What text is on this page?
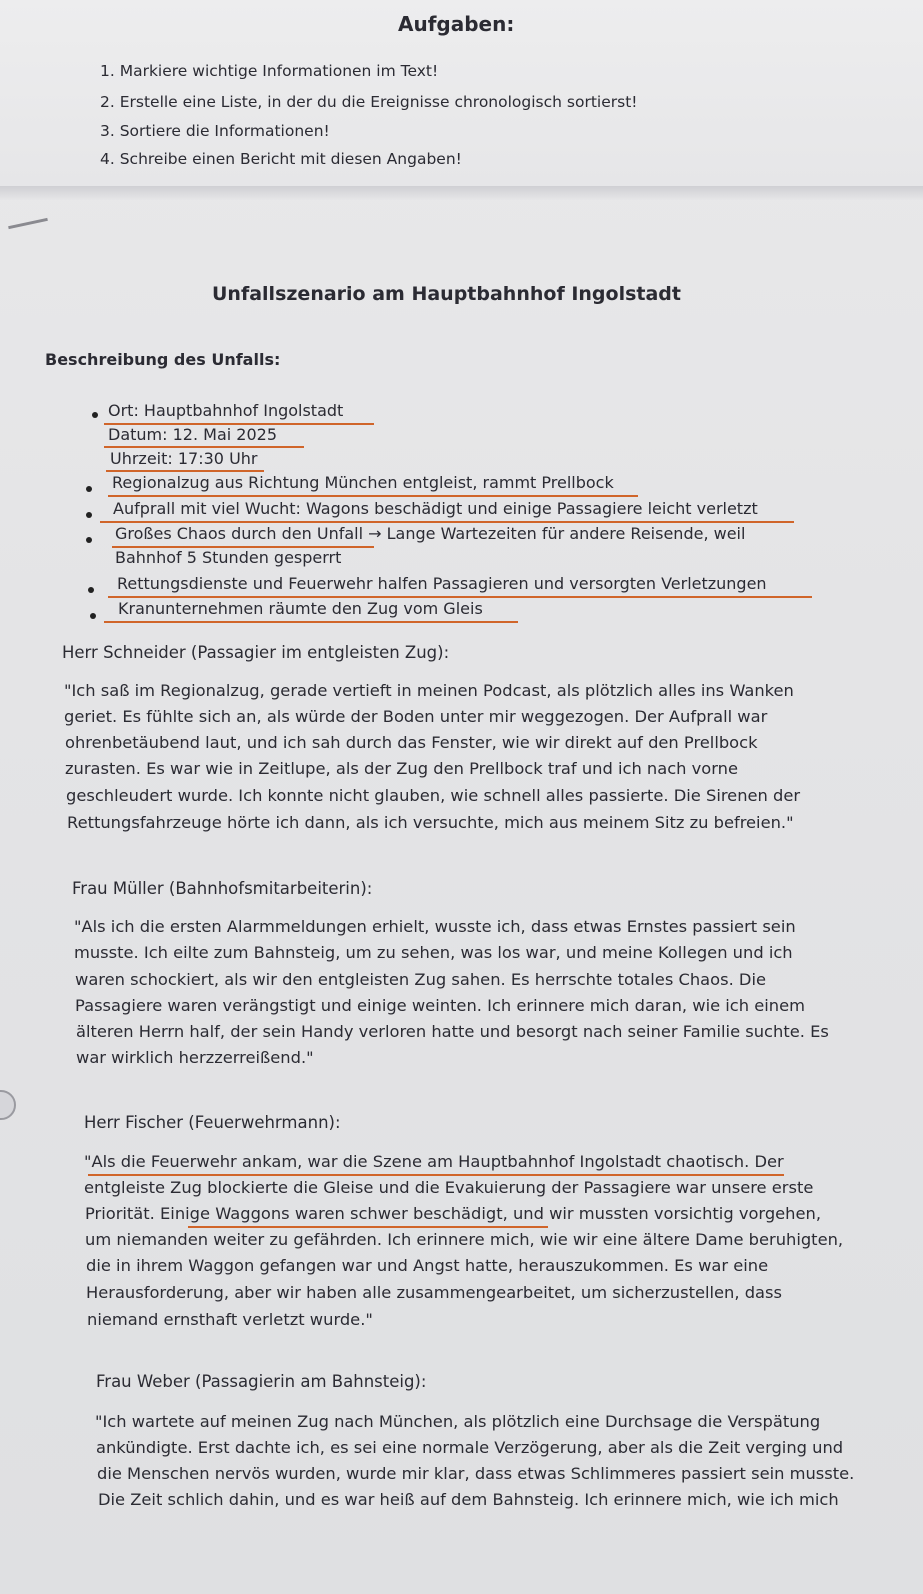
Aufgaben:
1. Markiere wichtige Informationen im Text!
2. Erstelle eine Liste, in der du die Ereignisse chronologisch sortierst!
3. Sortiere die Informationen!
4. Schreibe einen Bericht mit diesen Angaben!
Unfallszenario am Hauptbahnhof Ingolstadt
Beschreibung des Unfalls:
Ort: Hauptbahnhof Ingolstadt
Datum: 12. Mai 2025
Uhrzeit: 17:30 Uhr
Regionalzug aus Richtung München entgleist, rammt Prellbock
Aufprall mit viel Wucht: Wagons beschädigt und einige Passagiere leicht verletzt
Großes Chaos durch den Unfall → Lange Wartezeiten für andere Reisende, weil
Bahnhof 5 Stunden gesperrt
Rettungsdienste und Feuerwehr halfen Passagieren und versorgten Verletzungen
Kranunternehmen räumte den Zug vom Gleis
Herr Schneider (Passagier im entgleisten Zug):
"Ich saß im Regionalzug, gerade vertieft in meinen Podcast, als plötzlich alles ins Wanken
geriet. Es fühlte sich an, als würde der Boden unter mir weggezogen. Der Aufprall war
ohrenbetäubend laut, und ich sah durch das Fenster, wie wir direkt auf den Prellbock
zurasten. Es war wie in Zeitlupe, als der Zug den Prellbock traf und ich nach vorne
geschleudert wurde. Ich konnte nicht glauben, wie schnell alles passierte. Die Sirenen der
Rettungsfahrzeuge hörte ich dann, als ich versuchte, mich aus meinem Sitz zu befreien."
Frau Müller (Bahnhofsmitarbeiterin):
"Als ich die ersten Alarmmeldungen erhielt, wusste ich, dass etwas Ernstes passiert sein
musste. Ich eilte zum Bahnsteig, um zu sehen, was los war, und meine Kollegen und ich
waren schockiert, als wir den entgleisten Zug sahen. Es herrschte totales Chaos. Die
Passagiere waren verängstigt und einige weinten. Ich erinnere mich daran, wie ich einem
älteren Herrn half, der sein Handy verloren hatte und besorgt nach seiner Familie suchte. Es
war wirklich herzzerreißend."
Herr Fischer (Feuerwehrmann):
"Als die Feuerwehr ankam, war die Szene am Hauptbahnhof Ingolstadt chaotisch. Der
entgleiste Zug blockierte die Gleise und die Evakuierung der Passagiere war unsere erste
Priorität. Einige Waggons waren schwer beschädigt, und wir mussten vorsichtig vorgehen,
um niemanden weiter zu gefährden. Ich erinnere mich, wie wir eine ältere Dame beruhigten,
die in ihrem Waggon gefangen war und Angst hatte, herauszukommen. Es war eine
Herausforderung, aber wir haben alle zusammengearbeitet, um sicherzustellen, dass
niemand ernsthaft verletzt wurde."
Frau Weber (Passagierin am Bahnsteig):
"Ich wartete auf meinen Zug nach München, als plötzlich eine Durchsage die Verspätung
ankündigte. Erst dachte ich, es sei eine normale Verzögerung, aber als die Zeit verging und
die Menschen nervös wurden, wurde mir klar, dass etwas Schlimmeres passiert sein musste.
Die Zeit schlich dahin, und es war heiß auf dem Bahnsteig. Ich erinnere mich, wie ich mich
